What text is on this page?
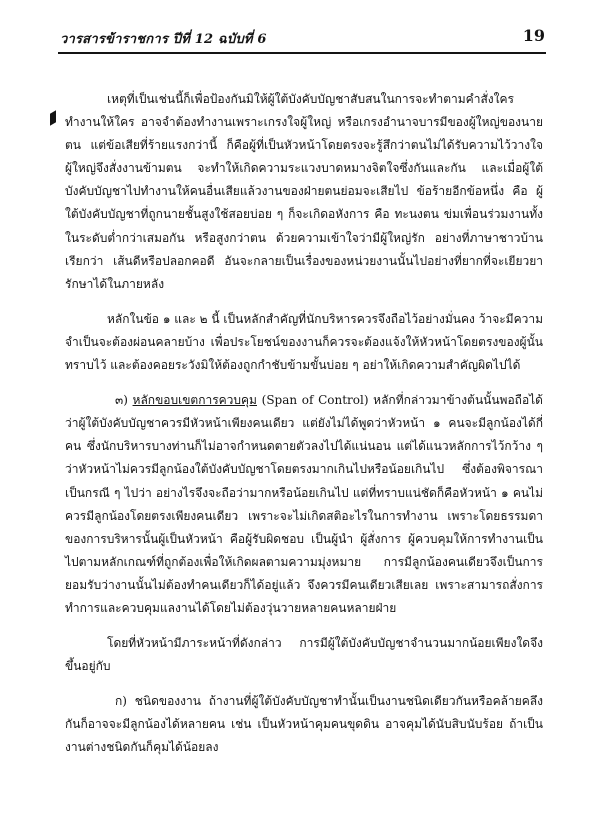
วารสารข้าราชการ ปีที่ 12 ฉบับที่ 6	19

เหตุที่เป็นเช่นนี้ก็เพื่อป้องกันมิให้ผู้ใต้บังคับบัญชาสับสนในการจะทำตามคำสั่งใคร ทำงานให้ใคร อาจจำต้องทำงานเพราะเกรงใจผู้ใหญ่ หรือเกรงอำนาจบารมีของผู้ใหญ่ของนายตน แต่ข้อเสียที่ร้ายแรงกว่านี้ ก็คือผู้ที่เป็นหัวหน้าโดยตรงจะรู้สึกว่าตนไม่ได้รับความไว้วางใจ ผู้ใหญ่จึงสั่งงานข้ามตน จะทำให้เกิดความระแวงบาดหมางจิตใจซึ่งกันและกัน และเมื่อผู้ใต้บังคับบัญชาไปทำงานให้คนอื่นเสียแล้วงานของฝ่ายตนย่อมจะเสียไป ข้อร้ายอีกข้อหนึ่ง คือ ผู้ใต้บังคับบัญชาที่ถูกนายชั้นสูงใช้สอยบ่อย ๆ ก็จะเกิดอหังการ คือ ทะนงตน ข่มเพื่อนร่วมงานทั้งในระดับต่ำกว่าเสมอกัน หรือสูงกว่าตน ด้วยความเข้าใจว่ามีผู้ใหญ่รัก อย่างที่ภาษาชาวบ้านเรียกว่า เส้นดีหรือปลอกคอดี อันจะกลายเป็นเรื่องของหน่วยงานนั้นไปอย่างที่ยากที่จะเยียวยารักษาได้ในภายหลัง

หลักในข้อ ๑ และ ๒ นี้ เป็นหลักสำคัญที่นักบริหารควรจึงถือไว้อย่างมั่นคง ว้าจะมีความจำเป็นจะต้องผ่อนคลายบ้าง เพื่อประโยชน์ของงานก็ควรจะต้องแจ้งให้หัวหน้าโดยตรงของผู้นั้นทราบไว้ และต้องคอยระวังมิให้ต้องถูกกำชับข้ามขั้นบ่อย ๆ อย่าให้เกิดความสำคัญผิดไปได้

๓) หลักขอบเขตการควบคุม (Span of Control) หลักที่กล่าวมาข้างต้นนั้นพอถือได้ว่าผู้ใต้บังคับบัญชาควรมีหัวหน้าเพียงคนเดียว แต่ยังไม่ได้พูดว่าหัวหน้า ๑ คนจะมีลูกน้องได้กี่คน ซึ่งนักบริหารบางท่านก็ไม่อาจกำหนดตายตัวลงไปได้แน่นอน แต่ได้แนวหลักการไว้กว้าง ๆ ว่าหัวหน้าไม่ควรมีลูกน้องใต้บังคับบัญชาโดยตรงมากเกินไปหรือน้อยเกินไป ซึ่งต้องพิจารณาเป็นกรณี ๆ ไปว่า อย่างไรจึงจะถือว่ามากหรือน้อยเกินไป แต่ที่ทราบแน่ชัดก็คือหัวหน้า ๑ คนไม่ควรมีลูกน้องโดยตรงเพียงคนเดียว เพราะจะไม่เกิดสติอะไรในการทำงาน เพราะโดยธรรมดาของการบริหารนั้นผู้เป็นหัวหน้า คือผู้รับผิดชอบ เป็นผู้นำ ผู้สั่งการ ผู้ควบคุมให้การทำงานเป็นไปตามหลักเกณฑ์ที่ถูกต้องเพื่อให้เกิดผลตามความมุ่งหมาย การมีลูกน้องคนเดียวจึงเป็นการยอมรับว่างานนั้นไม่ต้องทำคนเดียวก็ได้อยู่แล้ว จึงควรมีคนเดียวเสียเลย เพราะสามารถสั่งการทำการและควบคุมแลงานได้โดยไม่ต้องวุ่นวายหลายคนหลายฝ่าย

โดยที่หัวหน้ามีภาระหน้าที่ดังกล่าว การมีผู้ใต้บังคับบัญชาจำนวนมากน้อยเพียงใดจึงขึ้นอยู่กับ

ก) ชนิดของงาน ถ้างานที่ผู้ใต้บังคับบัญชาทำนั้นเป็นงานชนิดเดียวกันหรือคล้ายคลึงกันก็อาจจะมีลูกน้องได้หลายคน เช่น เป็นหัวหน้าคุมคนขุดดิน อาจคุมได้นับสิบนับร้อย ถ้าเป็นงานต่างชนิดกันก็คุมได้น้อยลง
